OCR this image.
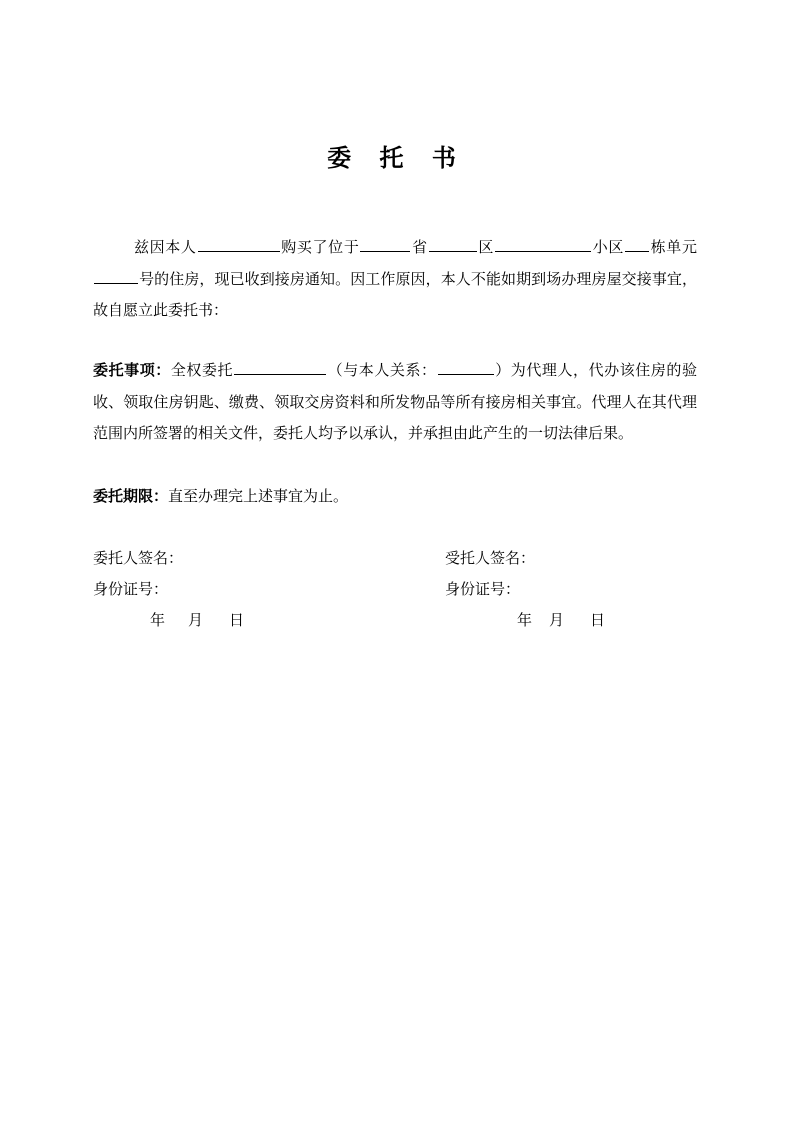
委 托 书
兹因本人	购买了位于	省	区	小区 栋单元号的住房，现已收到接房通知。因工作原因，本人不能如期到场办理房屋交接事宜，故自愿立此委托书：
委托事项：全权委托	（与本人关系：	）为代理人，代办该住房的验收、领取住房钥匙、缴费、领取交房资料和所发物品等所有接房相关事宜。代理人在其代理范围内所签署的相关文件，委托人均予以承认，并承担由此产生的一切法律后果。
委托期限：直至办理完上述事宜为止。
委托人签名：
身份证号：
年 月 日
受托人签名：
身份证号：
年 月 日
